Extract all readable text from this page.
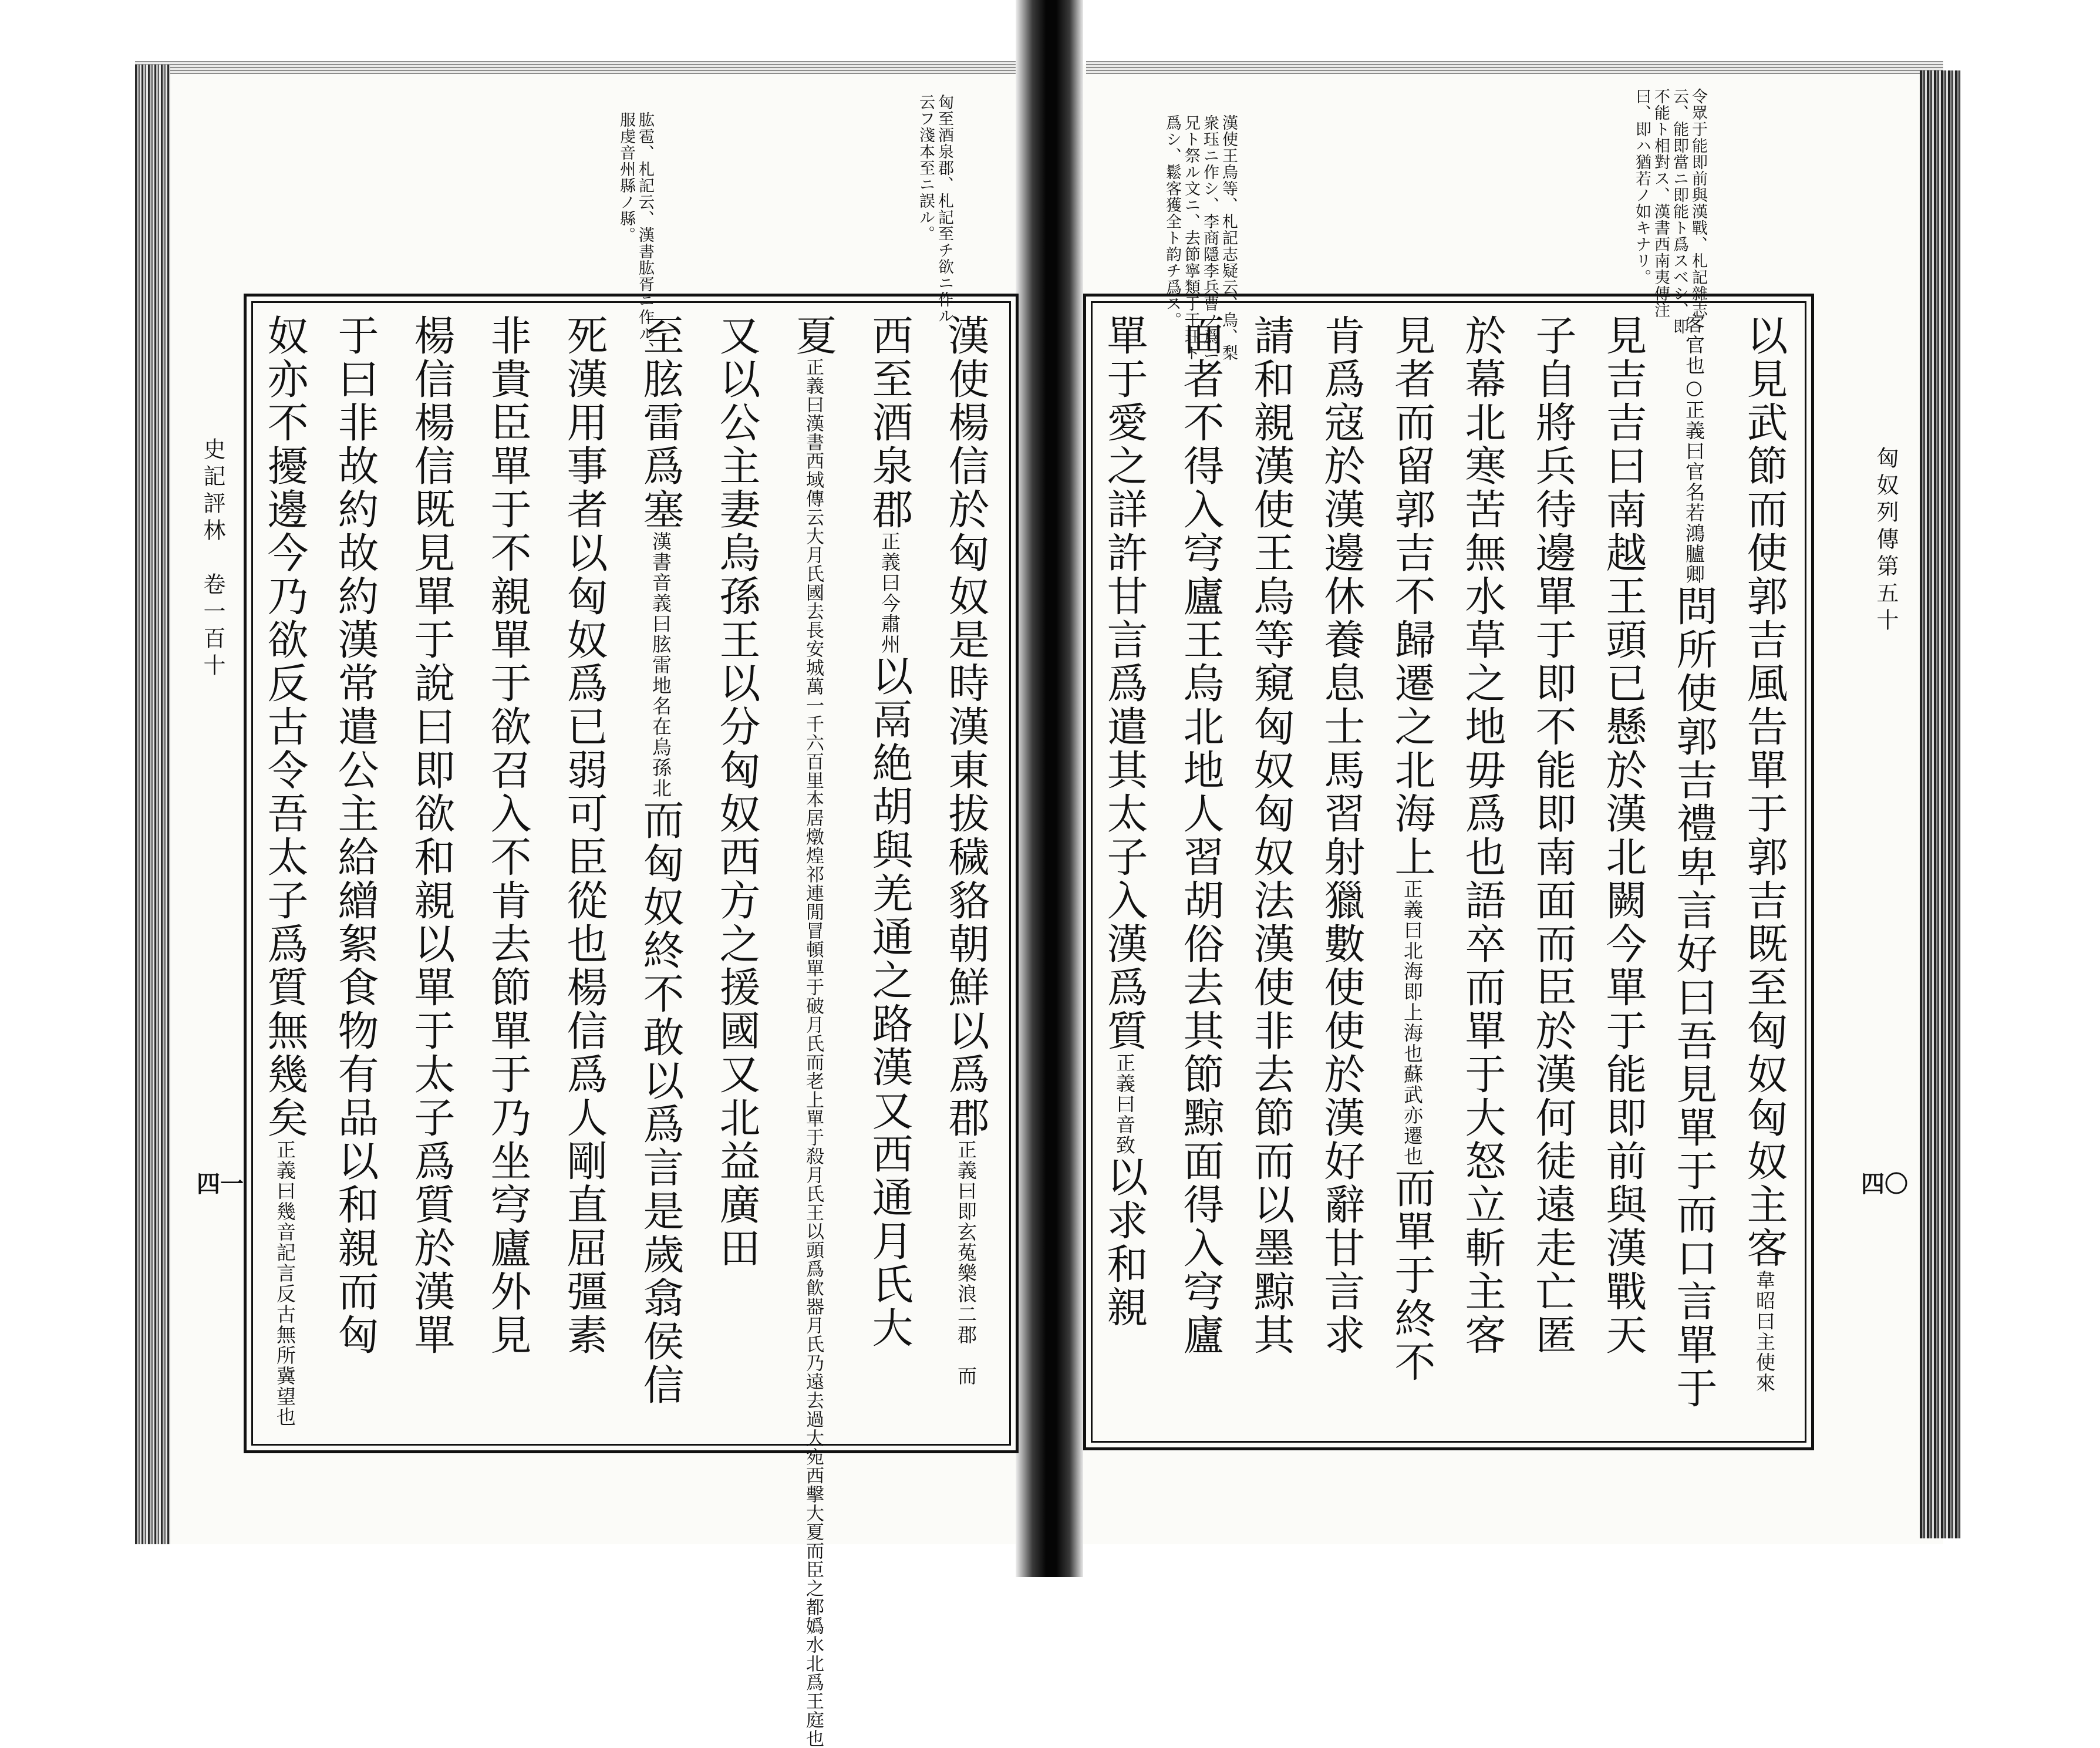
史記評林　卷一百十
四一
肱雹、札記云、漢書肱胥ニ作ル、服虔音州縣ノ縣。	匈至酒泉郡、札記至チ欲ニ作ル、云フ淺本至ニ誤ル。
漢使楊信於匈奴是時漢東拔穢貉朝鮮以爲郡正義曰即玄菟樂浪二郡　而
西至酒泉郡正義曰今肅州以鬲絶胡與羌通之路漢又西通月氏大
夏正義曰漢書西域傳云大月氏國去長安城萬一千六百里本居燉煌祁連閒冒頓單于破月氏而老上單于殺月氏王以頭爲飮器月氏乃遠去過大宛西擊大夏而臣之都嬀水北爲王庭也
又以公主妻烏孫王以分匈奴西方之援國又北益廣田
至胘雷爲塞漢書音義曰胘雷地名在烏孫北而匈奴終不敢以爲言是歲翕侯信
死漢用事者以匈奴爲已弱可臣從也楊信爲人剛直屈彊素
非貴臣單于不親單于欲召入不肯去節單于乃坐穹廬外見
楊信楊信既見單于說曰即欲和親以單于太子爲質於漢單
于曰非故約故約漢常遣公主給繒絮食物有品以和親而匈
奴亦不擾邊今乃欲反古令吾太子爲質無幾矣正義曰幾音記言反古無所冀望也
匈奴列傳第五十
四〇
令眾于能即前與漢戰、札記雜志云、能即當ニ即能ト爲スベシ、即不能ト相對ス、漢書西南夷傳注曰、即ハ猶若ノ如キナリ。
漢使王烏等、札記志疑云、烏、梨衆珏ニ作シ、李商隱李兵曹ノ爲ニ兄ト祭ル文ニ、去節寧類于王珏ト爲シ、鬆客獲全ト韵チ爲ス。
以見武節而使郭吉風告單于郭吉既至匈奴匈奴主客韋昭曰主使來
客官也○正義曰官名若鴻臚卿問所使郭吉禮卑言好曰吾見單于而口言單于
見吉吉曰南越王頭已懸於漢北闕今單于能即前與漢戰天
子自將兵待邊單于即不能即南面而臣於漢何徒遠走亡匿
於幕北寒苦無水草之地毋爲也語卒而單于大怒立斬主客
見者而留郭吉不歸遷之北海上正義曰北海即上海也蘇武亦遷也而單于終不
肯爲寇於漢邊休養息士馬習射獵數使使於漢好辭甘言求
請和親漢使王烏等窺匈奴匈奴法漢使非去節而以墨黥其
面者不得入穹廬王烏北地人習胡俗去其節黥面得入穹廬
單于愛之詳許甘言爲遣其太子入漢爲質正義曰音致以求和親
